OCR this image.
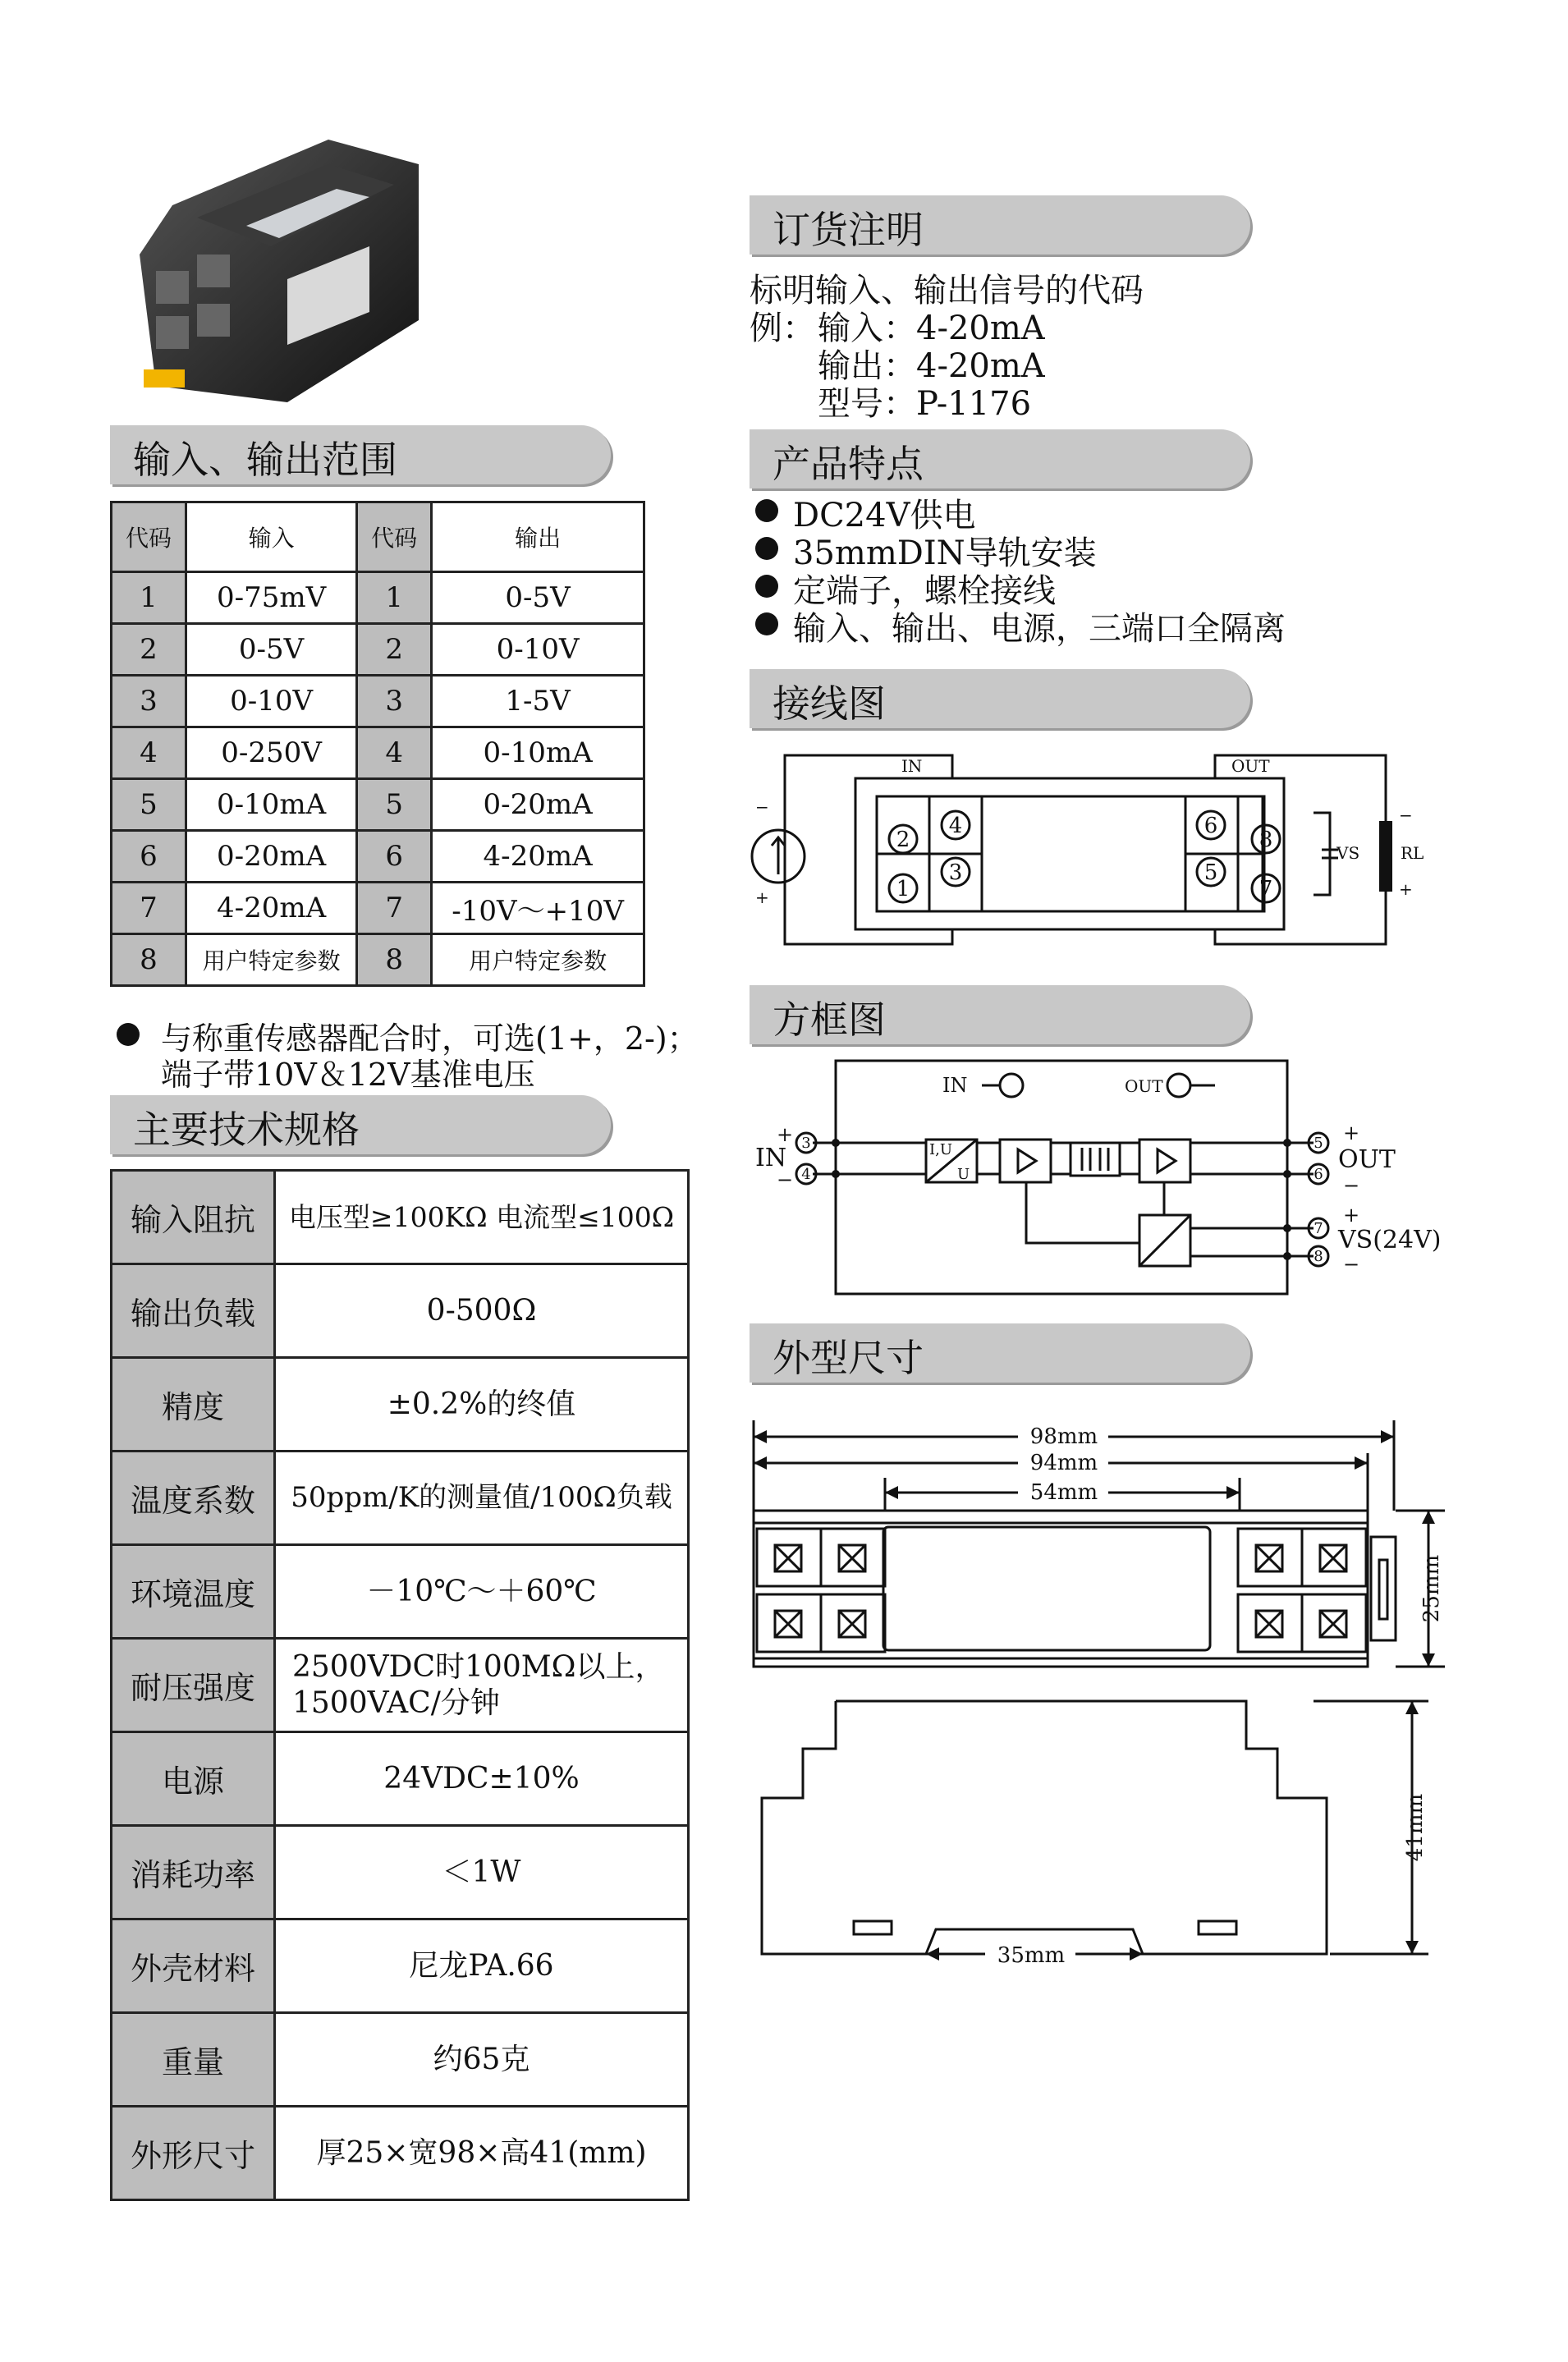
输入、输出范围
主要技术规格
订货注明
产品特点
接线图
方框图
外型尺寸
代码	输入	代码	输出
1	0-75mV	1	0-5V
2	0-5V	2	0-10V
3	0-10V	3	1-5V
4	0-250V	4	0-10mA
5	0-10mA	5	0-20mA
6	0-20mA	6	4-20mA
7	4-20mA	7	-10V～+10V
8	用户特定参数	8	用户特定参数
与称重传感器配合时，可选(1+，2-)；
端子带10V＆12V基准电压
输入阻抗	电压型≥100KΩ 电流型≤100Ω
输出负载	0-500Ω
精度	±0.2%的终值
温度系数	50ppm/K的测量值/100Ω负载
环境温度	－10℃～＋60℃
耐压强度	2500VDC时100MΩ以上，
1500VAC/分钟

电源	24VDC±10%
消耗功率	＜1W
外壳材料	尼龙PA.66
重量	约65克
外形尺寸	厚25×宽98×高41(mm)
标明输入、输出信号的代码
例： 输入：4-20mA
输出：4-20mA
型号：P-1176
DC24V供电
35mmDIN导轨安装
定端子，螺栓接线
输入、输出、电源，三端口全隔离
IN	OUT
VS RL
−
+
−
+
2
4
1
3
6
8
5
7
IN	OUT
IN	OUT
VS(24V)
I,U
U
+
−
+
−
+
−
3
4
5
6
7
8
98mm
94mm
54mm
35mm
25mm
41mm
